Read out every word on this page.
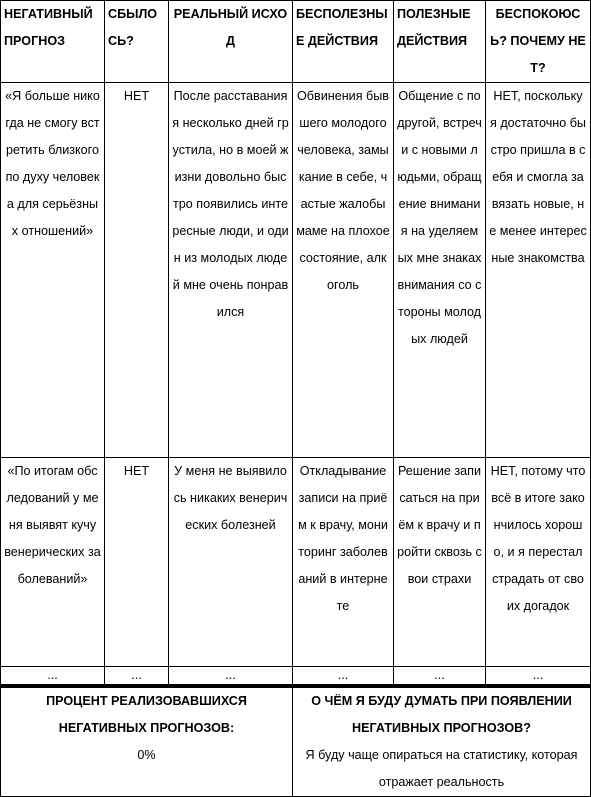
НЕГАТИВНЫЙ ПРОГНОЗ	СБЫЛОСЬ?	РЕАЛЬНЫЙ ИСХОД	БЕСПОЛЕЗНЫЕ ДЕЙСТВИЯ	ПОЛЕЗНЫЕ ДЕЙСТВИЯ	БЕСПОКОЮСЬ? ПОЧЕМУ НЕТ?
«Я больше никогда не смогу встретить близкого по духу человека для серьёзных отношений»	НЕТ	После расставания я несколько дней грустила, но в моей жизни довольно быстро появились интересные люди, и один из молодых людей мне очень понравился	Обвинения бывшего молодого человека, замыкание в себе, частые жалобы маме на плохое состояние, алкоголь	Общение с подругой, встречи с новыми людьми, обращение внимания на уделяемых мне знаках внимания со стороны молодых людей	НЕТ, поскольку я достаточно быстро пришла в себя и смогла завязать новые, не менее интересные знакомства
«По итогам обследований у меня выявят кучу венерических заболеваний»	НЕТ	У меня не выявилось никаких венерических болезней	Откладывание записи на приём к врачу, мониторинг заболеваний в интернете	Решение записаться на приём к врачу и пройти сквозь свои страхи	НЕТ, потому что всё в итоге закончилось хорошо, и я перестал страдать от своих догадок
...	...	...	...	...	...
ПРОЦЕНТ РЕАЛИЗОВАВШИХСЯ НЕГАТИВНЫХ ПРОГНОЗОВ:
0%

О ЧЁМ Я БУДУ ДУМАТЬ ПРИ ПОЯВЛЕНИИ НЕГАТИВНЫХ ПРОГНОЗОВ?
Я буду чаще опираться на статистику, которая отражает реальность
